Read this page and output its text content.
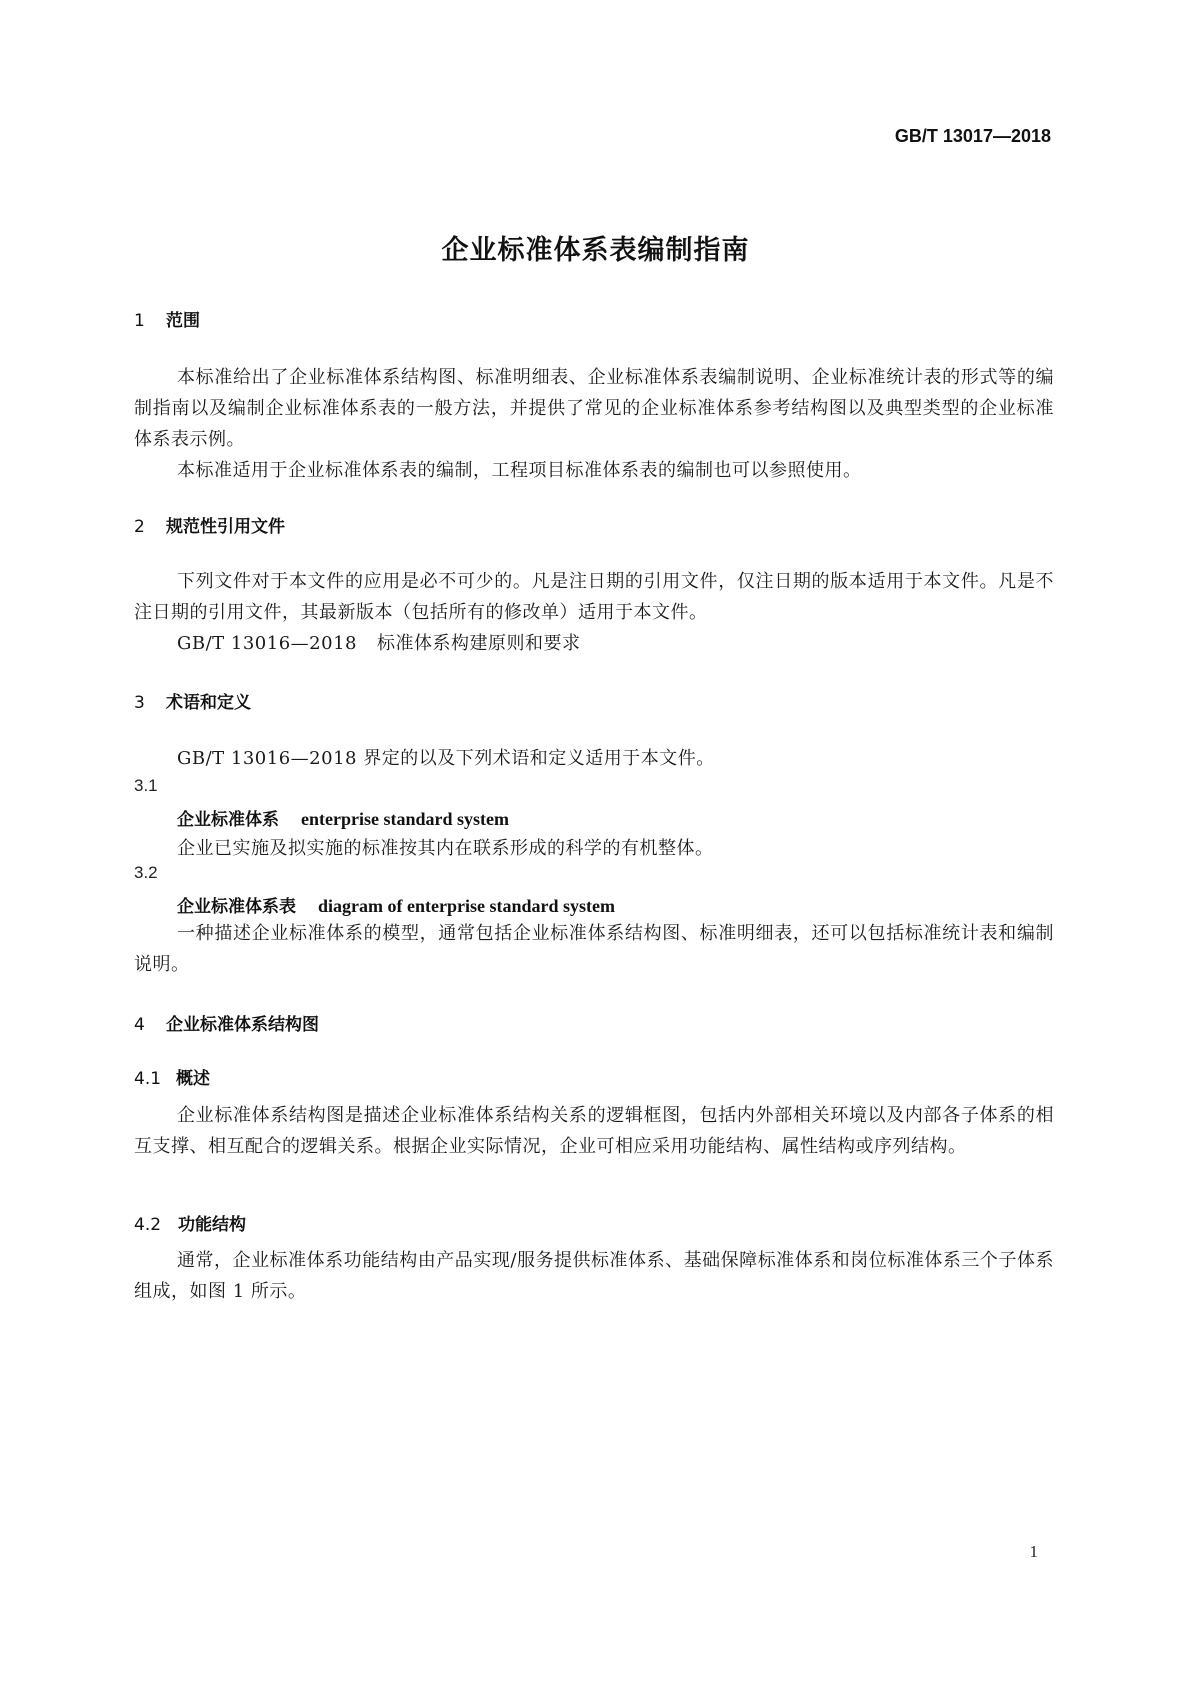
GB/T 13017—2018
企业标准体系表编制指南
1 范围
本标准给出了企业标准体系结构图、标准明细表、企业标准体系表编制说明、企业标准统计表的形式等的编制指南以及编制企业标准体系表的一般方法，并提供了常见的企业标准体系参考结构图以及典型类型的企业标准体系表示例。
本标准适用于企业标准体系表的编制，工程项目标准体系表的编制也可以参照使用。
2 规范性引用文件
下列文件对于本文件的应用是必不可少的。凡是注日期的引用文件，仅注日期的版本适用于本文件。凡是不注日期的引用文件，其最新版本（包括所有的修改单）适用于本文件。
GB/T 13016—2018 标准体系构建原则和要求
3 术语和定义
GB/T 13016—2018 界定的以及下列术语和定义适用于本文件。
3.1
企业标准体系 enterprise standard system
企业已实施及拟实施的标准按其内在联系形成的科学的有机整体。
3.2
企业标准体系表 diagram of enterprise standard system
一种描述企业标准体系的模型，通常包括企业标准体系结构图、标准明细表，还可以包括标准统计表和编制说明。
4 企业标准体系结构图
4.1 概述
企业标准体系结构图是描述企业标准体系结构关系的逻辑框图，包括内外部相关环境以及内部各子体系的相互支撑、相互配合的逻辑关系。根据企业实际情况，企业可相应采用功能结构、属性结构或序列结构。
4.2 功能结构
通常，企业标准体系功能结构由产品实现/服务提供标准体系、基础保障标准体系和岗位标准体系三个子体系组成，如图 1 所示。
1
